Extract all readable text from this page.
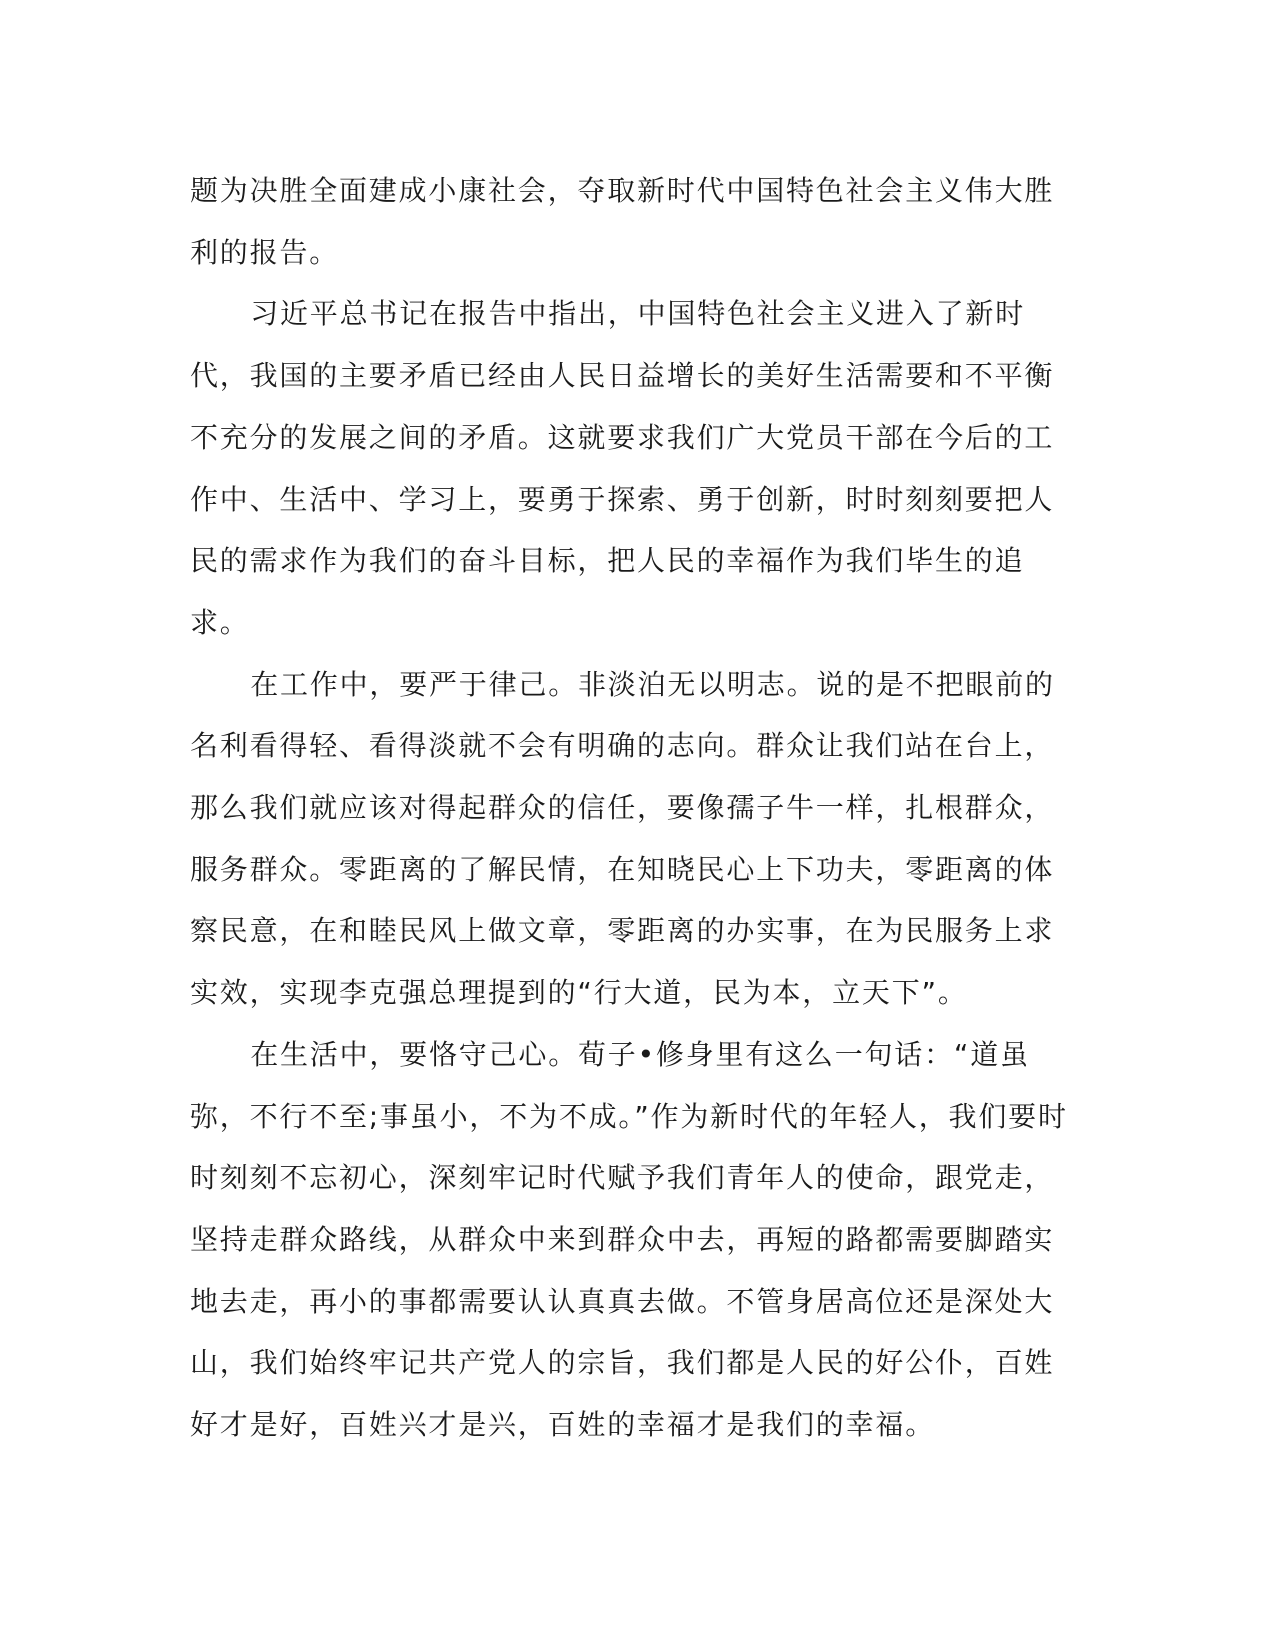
题为决胜全面建成小康社会，夺取新时代中国特色社会主义伟大胜利的报告。

习近平总书记在报告中指出，中国特色社会主义进入了新时代，我国的主要矛盾已经由人民日益增长的美好生活需要和不平衡不充分的发展之间的矛盾。这就要求我们广大党员干部在今后的工作中、生活中、学习上，要勇于探索、勇于创新，时时刻刻要把人民的需求作为我们的奋斗目标，把人民的幸福作为我们毕生的追求。

在工作中，要严于律己。非淡泊无以明志。说的是不把眼前的名利看得轻、看得淡就不会有明确的志向。群众让我们站在台上，那么我们就应该对得起群众的信任，要像孺子牛一样，扎根群众，服务群众。零距离的了解民情，在知晓民心上下功夫，零距离的体察民意，在和睦民风上做文章，零距离的办实事，在为民服务上求实效，实现李克强总理提到的“行大道，民为本，立天下”。

在生活中，要恪守己心。荀子•修身里有这么一句话：“道虽弥，不行不至;事虽小，不为不成。”作为新时代的年轻人，我们要时时刻刻不忘初心，深刻牢记时代赋予我们青年人的使命，跟党走，坚持走群众路线，从群众中来到群众中去，再短的路都需要脚踏实地去走，再小的事都需要认认真真去做。不管身居高位还是深处大山，我们始终牢记共产党人的宗旨，我们都是人民的好公仆，百姓好才是好，百姓兴才是兴，百姓的幸福才是我们的幸福。
